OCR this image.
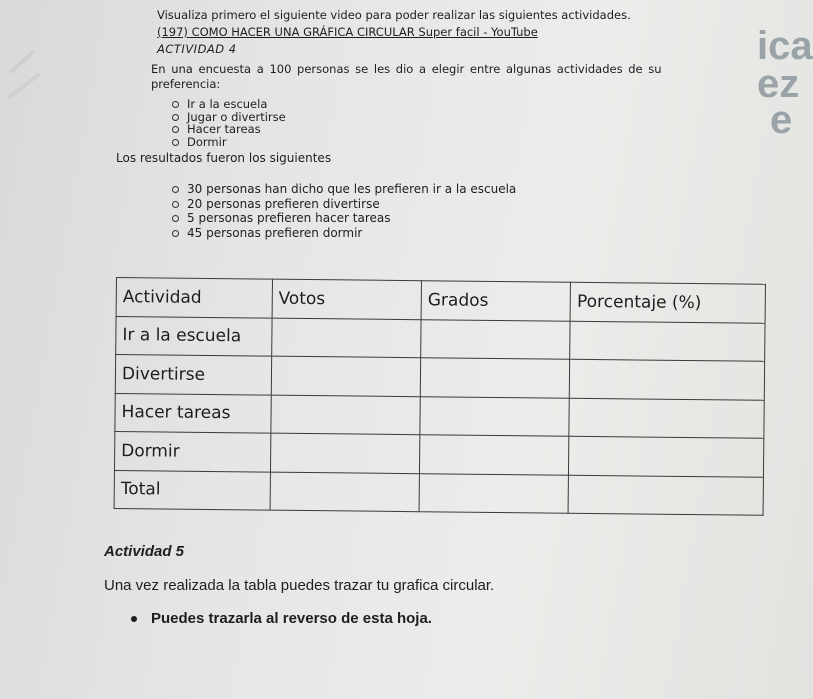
ica
ez
e
Visualiza primero el siguiente video para poder realizar las siguientes actividades.
(197) COMO HACER UNA GRÁFICA CIRCULAR Super facil - YouTube
ACTIVIDAD 4
En una encuesta a 100 personas se les dio a elegir entre algunas actividades de su
preferencia:
Ir a la escuela
Jugar o divertirse
Hacer tareas
Dormir
Los resultados fueron los siguientes
30 personas han dicho que les prefieren ir a la escuela
20 personas prefieren divertirse
5 personas prefieren hacer tareas
45 personas prefieren dormir
Actividad	Votos	Grados	Porcentaje (%)
Ir a la escuela			
Divertirse			
Hacer tareas			
Dormir			
Total			
Actividad 5
Una vez realizada la tabla puedes trazar tu grafica circular.
Puedes trazarla al reverso de esta hoja.
